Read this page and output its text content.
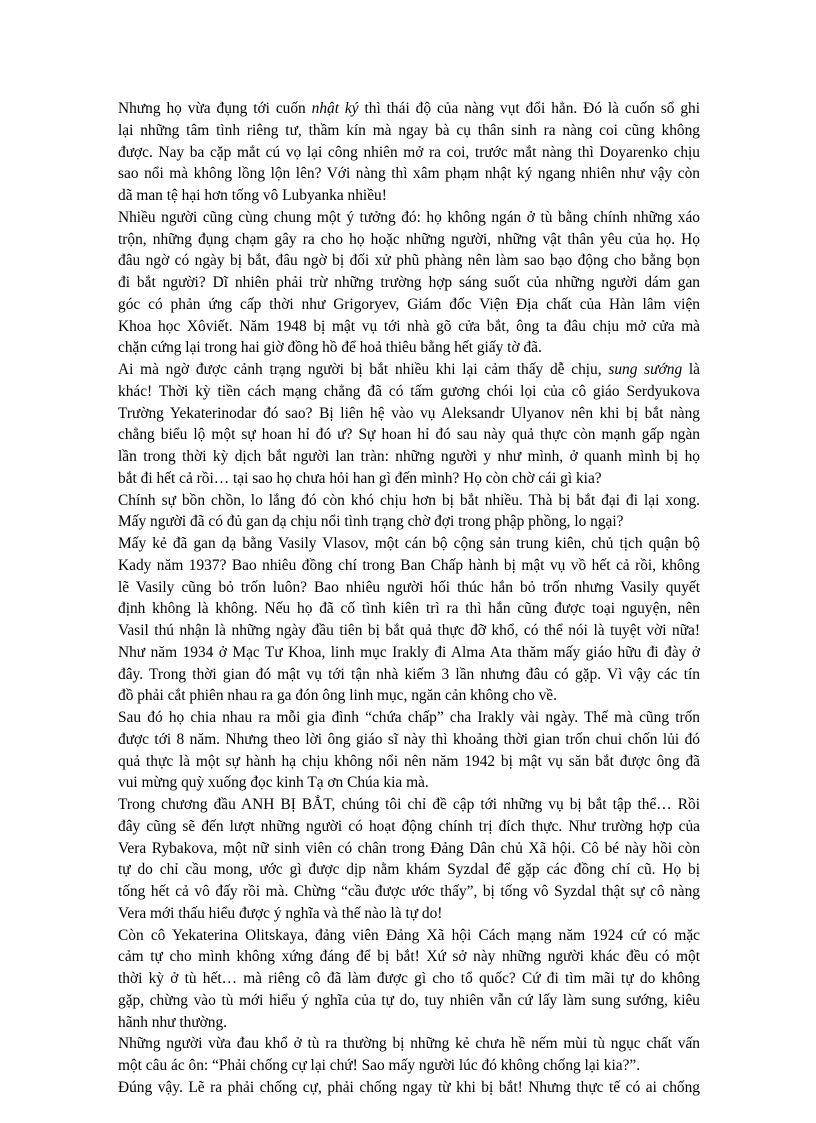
Nhưng họ vừa đụng tới cuốn nhật ký thì thái độ của nàng vụt đổi hẳn. Đó là cuốn sổ ghi
lại những tâm tình riêng tư, thầm kín mà ngay bà cụ thân sinh ra nàng coi cũng không
được. Nay ba cặp mắt cú vọ lại công nhiên mở ra coi, trước mắt nàng thì Doyarenko chịu
sao nổi mà không lồng lộn lên? Với nàng thì xâm phạm nhật ký ngang nhiên như vậy còn
dã man tệ hại hơn tống vô Lubyanka nhiều!
Nhiều người cũng cùng chung một ý tưởng đó: họ không ngán ở tù bằng chính những xáo
trộn, những đụng chạm gây ra cho họ hoặc những người, những vật thân yêu của họ. Họ
đâu ngờ có ngày bị bắt, đâu ngờ bị đối xử phũ phàng nên làm sao bạo động cho bằng bọn
đi bắt người? Dĩ nhiên phải trừ những trường hợp sáng suốt của những người dám gan
góc có phản ứng cấp thời như Grigoryev, Giám đốc Viện Địa chất của Hàn lâm viện
Khoa học Xôviết. Năm 1948 bị mật vụ tới nhà gõ cửa bắt, ông ta đâu chịu mở cửa mà
chặn cứng lại trong hai giờ đồng hồ để hoả thiêu bằng hết giấy tờ đã.
Ai mà ngờ được cảnh trạng người bị bắt nhiều khi lại cảm thấy dễ chịu, sung sướng là
khác! Thời kỳ tiền cách mạng chẳng đã có tấm gương chói lọi của cô giáo Serdyukova
Trường Yekaterinodar đó sao? Bị liên hệ vào vụ Aleksandr Ulyanov nên khi bị bắt nàng
chẳng biểu lộ một sự hoan hỉ đó ư? Sự hoan hỉ đó sau này quả thực còn mạnh gấp ngàn
lần trong thời kỳ dịch bắt người lan tràn: những người y như mình, ở quanh mình bị họ
bắt đi hết cả rồi… tại sao họ chưa hỏi han gì đến mình? Họ còn chờ cái gì kia?
Chính sự bồn chồn, lo lắng đó còn khó chịu hơn bị bắt nhiều. Thà bị bắt đại đi lại xong.
Mấy người đã có đủ gan dạ chịu nổi tình trạng chờ đợi trong phập phồng, lo ngại?
Mấy kẻ đã gan dạ bằng Vasily Vlasov, một cán bộ cộng sản trung kiên, chủ tịch quận bộ
Kady năm 1937? Bao nhiêu đồng chí trong Ban Chấp hành bị mật vụ vồ hết cả rồi, không
lẽ Vasily cũng bỏ trốn luôn? Bao nhiêu người hối thúc hắn bỏ trốn nhưng Vasily quyết
định không là không. Nếu họ đã cố tình kiên trì ra thì hắn cũng được toại nguyện, nên
Vasil thú nhận là những ngày đầu tiên bị bắt quả thực đỡ khổ, có thể nói là tuyệt vời nữa!
Như năm 1934 ở Mạc Tư Khoa, linh mục Irakly đi Alma Ata thăm mấy giáo hữu đi đày ở
đây. Trong thời gian đó mật vụ tới tận nhà kiếm 3 lần nhưng đâu có gặp. Vì vậy các tín
đồ phải cắt phiên nhau ra ga đón ông linh mục, ngăn cản không cho về.
Sau đó họ chia nhau ra mỗi gia đình “chứa chấp” cha Irakly vài ngày. Thế mà cũng trốn
được tới 8 năm. Nhưng theo lời ông giáo sĩ này thì khoảng thời gian trốn chui chốn lủi đó
quả thực là một sự hành hạ chịu không nổi nên năm 1942 bị mật vụ săn bắt được ông đã
vui mừng quỳ xuống đọc kinh Tạ ơn Chúa kia mà.
Trong chương đầu ANH BỊ BẮT, chúng tôi chỉ đề cập tới những vụ bị bắt tập thể… Rồi
đây cũng sẽ đến lượt những người có hoạt động chính trị đích thực. Như trường hợp của
Vera Rybakova, một nữ sinh viên có chân trong Đảng Dân chủ Xã hội. Cô bé này hồi còn
tự do chỉ cầu mong, ước gì được dịp nằm khám Syzdal để gặp các đồng chí cũ. Họ bị
tống hết cả vô đấy rồi mà. Chừng “cầu được ước thấy”, bị tống vô Syzdal thật sự cô nàng
Vera mới thấu hiểu được ý nghĩa và thế nào là tự do!
Còn cô Yekaterina Olitskaya, đảng viên Đảng Xã hội Cách mạng năm 1924 cứ có mặc
cảm tự cho mình không xứng đáng để bị bắt! Xứ sở này những người khác đều có một
thời kỳ ở tù hết… mà riêng cô đã làm được gì cho tổ quốc? Cứ đi tìm mãi tự do không
gặp, chừng vào tù mới hiểu ý nghĩa của tự do, tuy nhiên vẫn cứ lấy làm sung sướng, kiêu
hãnh như thường.
Những người vừa đau khổ ở tù ra thường bị những kẻ chưa hề nếm mùi tù ngục chất vấn
một câu ác ôn: “Phải chống cự lại chứ! Sao mấy người lúc đó không chống lại kia?”.
Đúng vậy. Lẽ ra phải chống cự, phải chống ngay từ khi bị bắt! Nhưng thực tế có ai chống
